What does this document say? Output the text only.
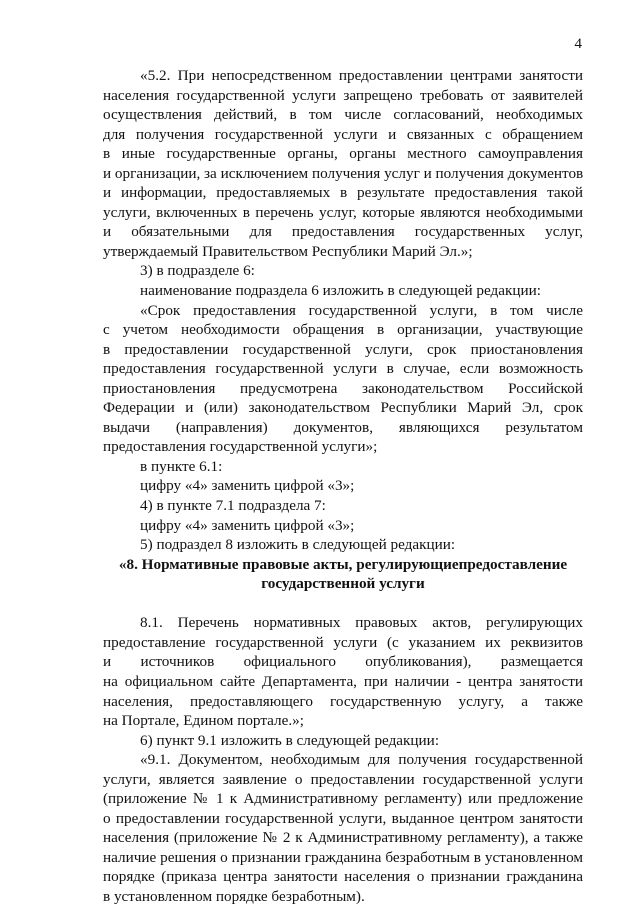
4
«5.2. При непосредственном предоставлении центрами занятости
населения государственной услуги запрещено требовать от заявителей
осуществления действий, в том числе согласований, необходимых
для получения государственной услуги и связанных с обращением
в иные государственные органы, органы местного самоуправления
и организации, за исключением получения услуг и получения документов
и информации, предоставляемых в результате предоставления такой
услуги, включенных в перечень услуг, которые являются необходимыми
и обязательными для предоставления государственных услуг,
утверждаемый Правительством Республики Марий Эл.»;
3) в подразделе 6:
наименование подраздела 6 изложить в следующей редакции:
«Срок предоставления государственной услуги, в том числе
с учетом необходимости обращения в организации, участвующие
в предоставлении государственной услуги, срок приостановления
предоставления государственной услуги в случае, если возможность
приостановления предусмотрена законодательством Российской
Федерации и (или) законодательством Республики Марий Эл, срок
выдачи (направления) документов, являющихся результатом
предоставления государственной услуги»;
в пункте 6.1:
цифру «4» заменить цифрой «3»;
4) в пункте 7.1 подраздела 7:
цифру «4» заменить цифрой «3»;
5) подраздел 8 изложить в следующей редакции:
«8. Нормативные правовые акты, регулирующиепредоставление государственной услуги
8.1. Перечень нормативных правовых актов, регулирующих
предоставление государственной услуги (с указанием их реквизитов
и источников официального опубликования), размещается
на официальном сайте Департамента, при наличии - центра занятости
населения, предоставляющего государственную услугу, а также
на Портале, Едином портале.»;
6) пункт 9.1 изложить в следующей редакции:
«9.1. Документом, необходимым для получения государственной
услуги, является заявление о предоставлении государственной услуги
(приложение № 1 к Административному регламенту) или предложение
о предоставлении государственной услуги, выданное центром занятости
населения (приложение № 2 к Административному регламенту), а также
наличие решения о признании гражданина безработным в установленном
порядке (приказа центра занятости населения о признании гражданина
в установленном порядке безработным).
